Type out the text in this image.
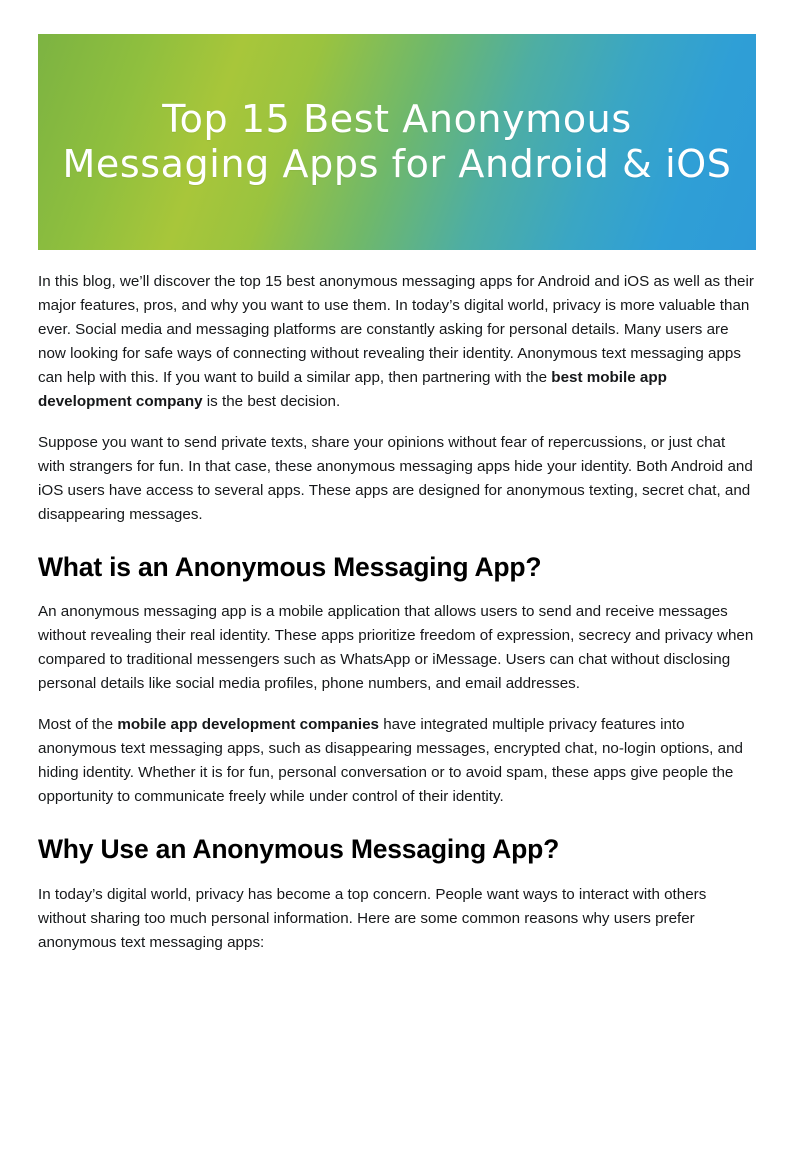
Top 15 Best Anonymous Messaging Apps for Android & iOS

In this blog, we’ll discover the top 15 best anonymous messaging apps for Android and iOS as well as their major features, pros, and why you want to use them. In today’s digital world, privacy is more valuable than ever. Social media and messaging platforms are constantly asking for personal details. Many users are now looking for safe ways of connecting without revealing their identity. Anonymous text messaging apps can help with this. If you want to build a similar app, then partnering with the best mobile app development company is the best decision.

Suppose you want to send private texts, share your opinions without fear of repercussions, or just chat with strangers for fun. In that case, these anonymous messaging apps hide your identity. Both Android and iOS users have access to several apps. These apps are designed for anonymous texting, secret chat, and disappearing messages.

What is an Anonymous Messaging App?

An anonymous messaging app is a mobile application that allows users to send and receive messages without revealing their real identity. These apps prioritize freedom of expression, secrecy and privacy when compared to traditional messengers such as WhatsApp or iMessage. Users can chat without disclosing personal details like social media profiles, phone numbers, and email addresses.

Most of the mobile app development companies have integrated multiple privacy features into anonymous text messaging apps, such as disappearing messages, encrypted chat, no-login options, and hiding identity. Whether it is for fun, personal conversation or to avoid spam, these apps give people the opportunity to communicate freely while under control of their identity.

Why Use an Anonymous Messaging App?

In today’s digital world, privacy has become a top concern. People want ways to interact with others without sharing too much personal information. Here are some common reasons why users prefer anonymous text messaging apps:
